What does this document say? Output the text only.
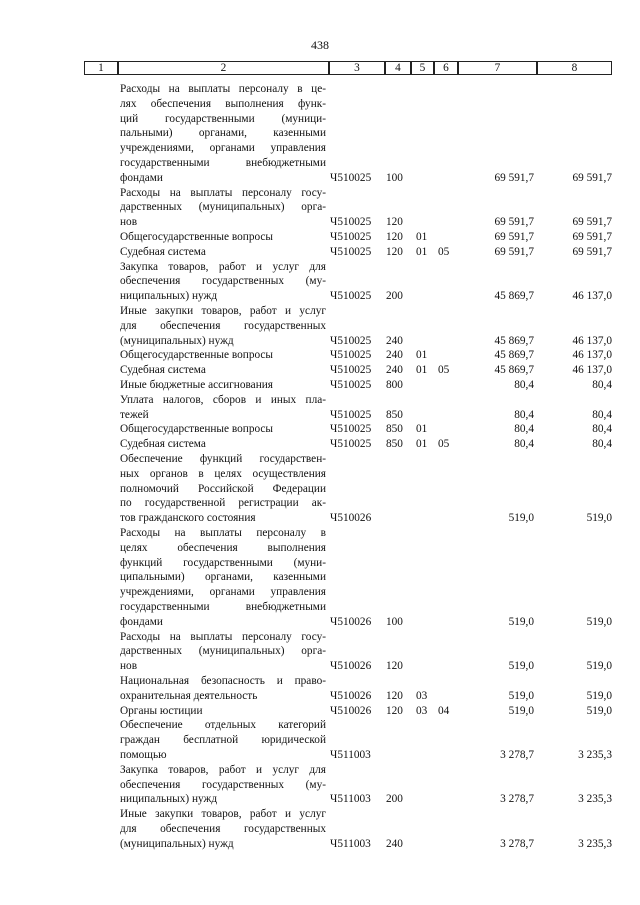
438
1	2	3	4	5	6	7	8
Расходы на выплаты персоналу в це-
лях обеспечения выполнения функ-
ций государственными (муници-
пальными) органами, казенными
учреждениями, органами управления
государственными внебюджетными
фондами	Ч510025 100	69 591,7	69 591,7
Расходы на выплаты персоналу госу-
дарственных (муниципальных) орга-
нов	Ч510025 120	69 591,7	69 591,7
Общегосударственные вопросы	Ч510025 120 01	69 591,7	69 591,7
Судебная система	Ч510025 120 01 05	69 591,7	69 591,7
Закупка товаров, работ и услуг для
обеспечения государственных (му-
ниципальных) нужд	Ч510025 200	45 869,7	46 137,0
Иные закупки товаров, работ и услуг
для обеспечения государственных
(муниципальных) нужд	Ч510025 240	45 869,7	46 137,0
Общегосударственные вопросы	Ч510025 240 01	45 869,7	46 137,0
Судебная система	Ч510025 240 01 05	45 869,7	46 137,0
Иные бюджетные ассигнования	Ч510025 800	80,4	80,4
Уплата налогов, сборов и иных пла-
тежей	Ч510025 850	80,4	80,4
Общегосударственные вопросы	Ч510025 850 01	80,4	80,4
Судебная система	Ч510025 850 01 05	80,4	80,4
Обеспечение функций государствен-
ных органов в целях осуществления
полномочий Российской Федерации
по государственной регистрации ак-
тов гражданского состояния	Ч510026	519,0	519,0
Расходы на выплаты персоналу в
целях обеспечения выполнения
функций государственными (муни-
ципальными) органами, казенными
учреждениями, органами управления
государственными внебюджетными
фондами	Ч510026 100	519,0	519,0
Расходы на выплаты персоналу госу-
дарственных (муниципальных) орга-
нов	Ч510026 120	519,0	519,0
Национальная безопасность и право-
охранительная деятельность	Ч510026 120 03	519,0	519,0
Органы юстиции	Ч510026 120 03 04	519,0	519,0
Обеспечение отдельных категорий
граждан бесплатной юридической
помощью	Ч511003	3 278,7	3 235,3
Закупка товаров, работ и услуг для
обеспечения государственных (му-
ниципальных) нужд	Ч511003 200	3 278,7	3 235,3
Иные закупки товаров, работ и услуг
для обеспечения государственных
(муниципальных) нужд	Ч511003 240	3 278,7	3 235,3
